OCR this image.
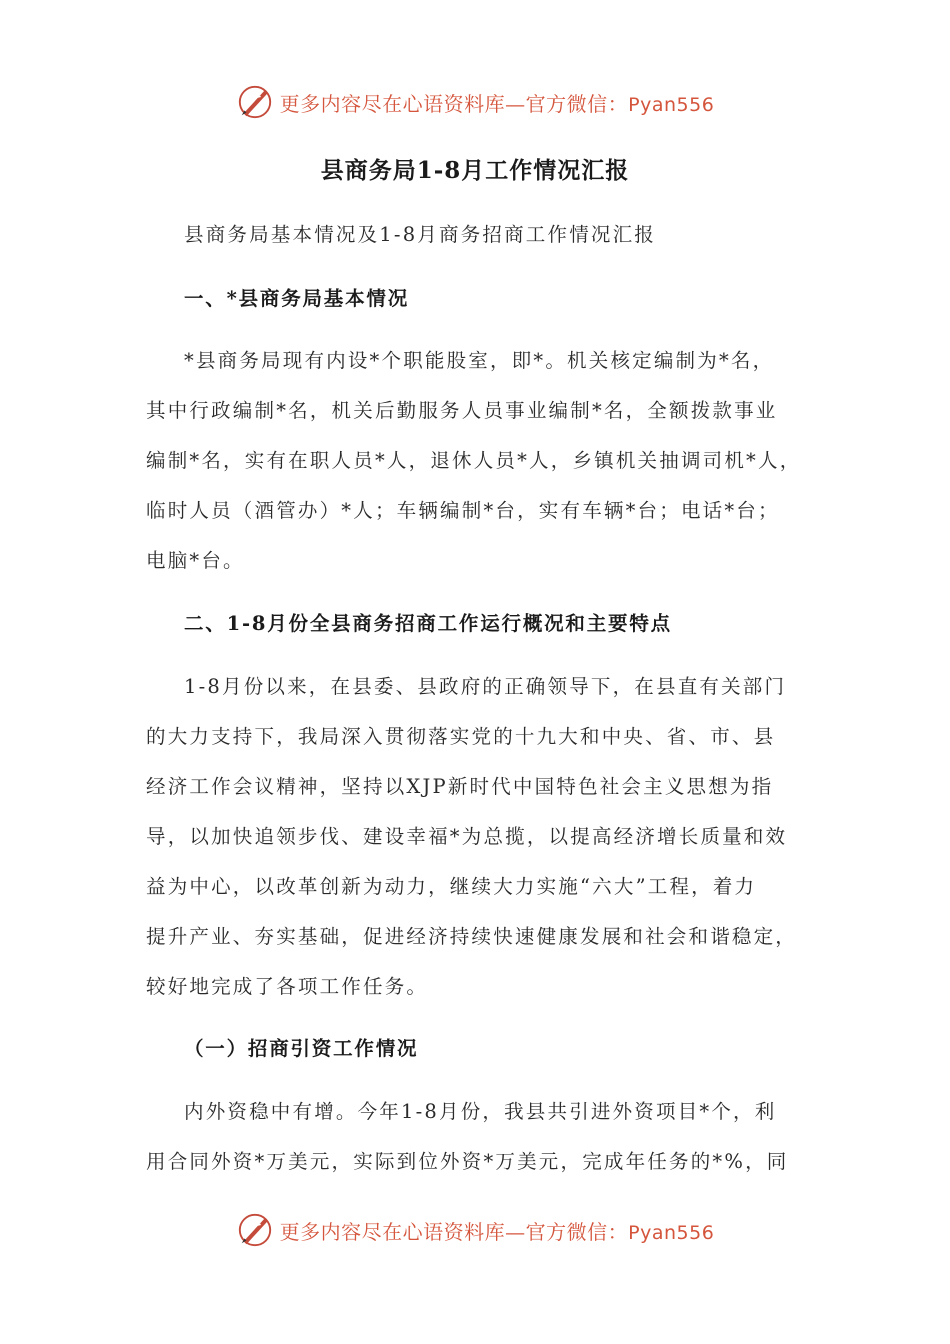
更多内容尽在心语资料库—官方微信：Pyan556
县商务局1-8月工作情况汇报
县商务局基本情况及1-8月商务招商工作情况汇报
一、*县商务局基本情况
*县商务局现有内设*个职能股室，即*。机关核定编制为*名，
其中行政编制*名，机关后勤服务人员事业编制*名，全额拨款事业
编制*名，实有在职人员*人，退休人员*人，乡镇机关抽调司机*人，
临时人员（酒管办）*人；车辆编制*台，实有车辆*台；电话*台；
电脑*台。
二、1-8月份全县商务招商工作运行概况和主要特点
1-8月份以来，在县委、县政府的正确领导下，在县直有关部门
的大力支持下，我局深入贯彻落实党的十九大和中央、省、市、县
经济工作会议精神，坚持以XJP新时代中国特色社会主义思想为指
导，以加快追领步伐、建设幸福*为总揽，以提高经济增长质量和效
益为中心，以改革创新为动力，继续大力实施“六大”工程，着力
提升产业、夯实基础，促进经济持续快速健康发展和社会和谐稳定，
较好地完成了各项工作任务。
（一）招商引资工作情况
内外资稳中有增。今年1-8月份，我县共引进外资项目*个，利
用合同外资*万美元，实际到位外资*万美元，完成年任务的*%，同
更多内容尽在心语资料库—官方微信：Pyan556
